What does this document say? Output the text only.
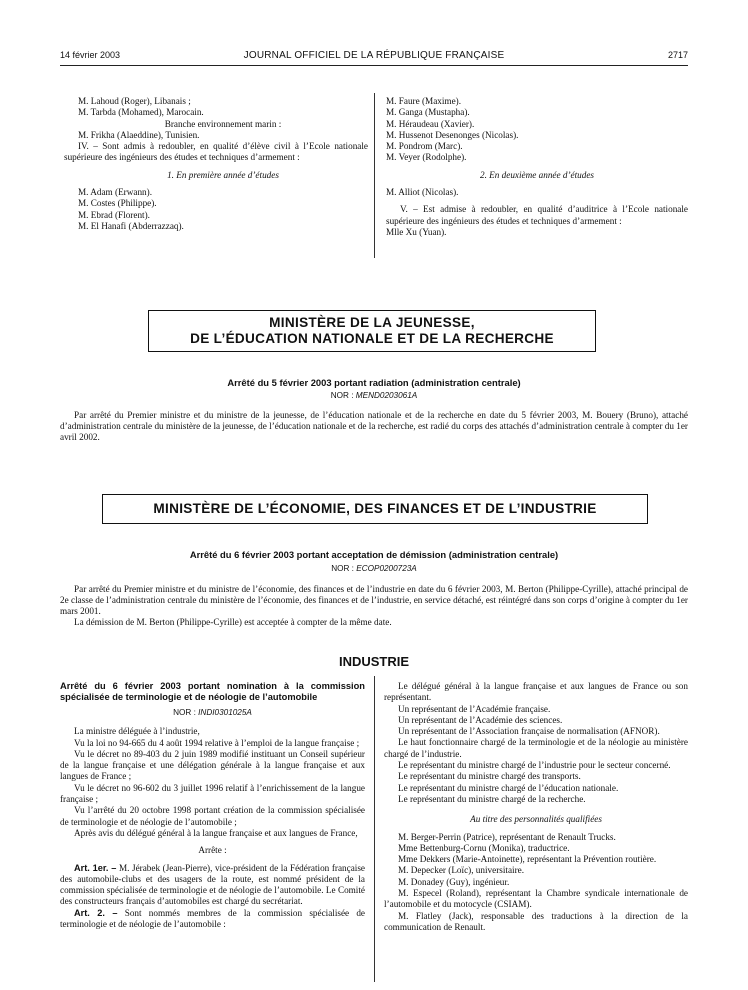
14 février 2003	JOURNAL OFFICIEL DE LA RÉPUBLIQUE FRANÇAISE	2717

M. Lahoud (Roger), Libanais ;

M. Tarbda (Mohamed), Marocain.

Branche environnement marin :

M. Frikha (Alaeddine), Tunisien.

IV. – Sont admis à redoubler, en qualité d’élève civil à l’Ecole nationale supérieure des ingénieurs des études et techniques d’armement :

1. En première année d’études

M. Adam (Erwann).

M. Costes (Philippe).

M. Ebrad (Florent).

M. El Hanafi (Abderrazzaq).

M. Faure (Maxime).

M. Ganga (Mustapha).

M. Héraudeau (Xavier).

M. Hussenot Desenonges (Nicolas).

M. Pondrom (Marc).

M. Veyer (Rodolphe).

2. En deuxième année d’études

M. Alliot (Nicolas).

V. – Est admise à redoubler, en qualité d’auditrice à l’Ecole nationale supérieure des ingénieurs des études et techniques d’armement :

Mlle Xu (Yuan).

MINISTÈRE DE LA JEUNESSE,
DE L’ÉDUCATION NATIONALE ET DE LA RECHERCHE
Arrêté du 5 février 2003 portant radiation (administration centrale)
NOR : MEND0203061A

Par arrêté du Premier ministre et du ministre de la jeunesse, de l’éducation nationale et de la recherche en date du 5 février 2003, M. Bouery (Bruno), attaché d’administration centrale du ministère de la jeunesse, de l’éducation nationale et de la recherche, est radié du corps des attachés d’administration centrale à compter du 1er avril 2002.

MINISTÈRE DE L’ÉCONOMIE, DES FINANCES ET DE L’INDUSTRIE
Arrêté du 6 février 2003 portant acceptation de démission (administration centrale)
NOR : ECOP0200723A

Par arrêté du Premier ministre et du ministre de l’économie, des finances et de l’industrie en date du 6 février 2003, M. Berton (Philippe-Cyrille), attaché principal de 2e classe de l’administration centrale du ministère de l’économie, des finances et de l’industrie, en service détaché, est réintégré dans son corps d’origine à compter du 1er mars 2001.

La démission de M. Berton (Philippe-Cyrille) est acceptée à compter de la même date.

INDUSTRIE

Arrêté du 6 février 2003 portant nomination à la commission spécialisée de terminologie et de néologie de l’automobile

NOR : INDI0301025A

La ministre déléguée à l’industrie,

Vu la loi no 94-665 du 4 août 1994 relative à l’emploi de la langue française ;

Vu le décret no 89-403 du 2 juin 1989 modifié instituant un Conseil supérieur de la langue française et une délégation générale à la langue française et aux langues de France ;

Vu le décret no 96-602 du 3 juillet 1996 relatif à l’enrichissement de la langue française ;

Vu l’arrêté du 20 octobre 1998 portant création de la commission spécialisée de terminologie et de néologie de l’automobile ;

Après avis du délégué général à la langue française et aux langues de France,

Arrête :

Art. 1er. – M. Jérabek (Jean-Pierre), vice-président de la Fédération française des automobile-clubs et des usagers de la route, est nommé président de la commission spécialisée de terminologie et de néologie de l’automobile. Le Comité des constructeurs français d’automobiles est chargé du secrétariat.

Art. 2. – Sont nommés membres de la commission spécialisée de terminologie et de néologie de l’automobile :

Le délégué général à la langue française et aux langues de France ou son représentant.

Un représentant de l’Académie française.

Un représentant de l’Académie des sciences.

Un représentant de l’Association française de normalisation (AFNOR).

Le haut fonctionnaire chargé de la terminologie et de la néologie au ministère chargé de l’industrie.

Le représentant du ministre chargé de l’industrie pour le secteur concerné.

Le représentant du ministre chargé des transports.

Le représentant du ministre chargé de l’éducation nationale.

Le représentant du ministre chargé de la recherche.

Au titre des personnalités qualifiées

M. Berger-Perrin (Patrice), représentant de Renault Trucks.

Mme Bettenburg-Cornu (Monika), traductrice.

Mme Dekkers (Marie-Antoinette), représentant la Prévention routière.

M. Depecker (Loïc), universitaire.

M. Donadey (Guy), ingénieur.

M. Especel (Roland), représentant la Chambre syndicale internationale de l’automobile et du motocycle (CSIAM).

M. Flatley (Jack), responsable des traductions à la direction de la communication de Renault.
